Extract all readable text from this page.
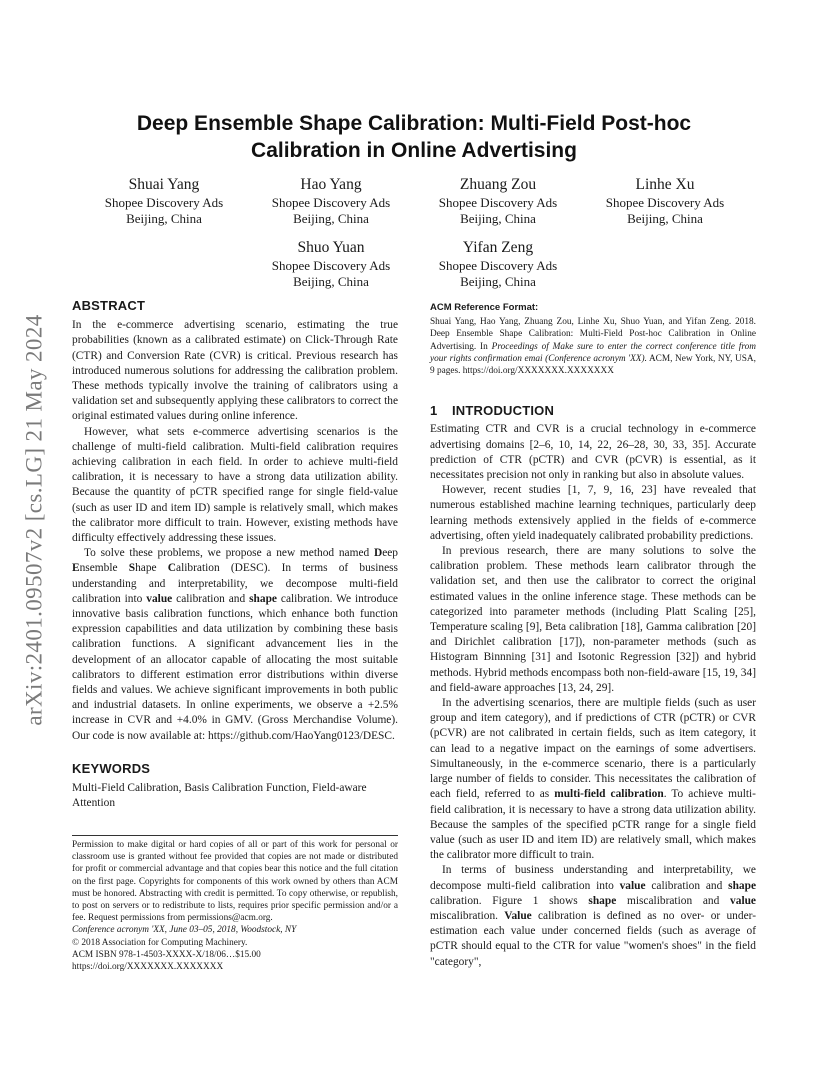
arXiv:2401.09507v2 [cs.LG] 21 May 2024
Deep Ensemble Shape Calibration: Multi-Field Post-hoc
Calibration in Online Advertising
Shuai Yang
Shopee Discovery Ads
Beijing, China
Hao Yang
Shopee Discovery Ads
Beijing, China
Zhuang Zou
Shopee Discovery Ads
Beijing, China
Linhe Xu
Shopee Discovery Ads
Beijing, China
Shuo Yuan
Shopee Discovery Ads
Beijing, China
Yifan Zeng
Shopee Discovery Ads
Beijing, China
ABSTRACT

In the e-commerce advertising scenario, estimating the true probabilities (known as a calibrated estimate) on Click-Through Rate (CTR) and Conversion Rate (CVR) is critical. Previous research has introduced numerous solutions for addressing the calibration problem. These methods typically involve the training of calibrators using a validation set and subsequently applying these calibrators to correct the original estimated values during online inference.

However, what sets e-commerce advertising scenarios is the challenge of multi-field calibration. Multi-field calibration requires achieving calibration in each field. In order to achieve multi-field calibration, it is necessary to have a strong data utilization ability. Because the quantity of pCTR specified range for single field-value (such as user ID and item ID) sample is relatively small, which makes the calibrator more difficult to train. However, existing methods have difficulty effectively addressing these issues.

To solve these problems, we propose a new method named Deep Ensemble Shape Calibration (DESC). In terms of business understanding and interpretability, we decompose multi-field calibration into value calibration and shape calibration. We introduce innovative basis calibration functions, which enhance both function expression capabilities and data utilization by combining these basis calibration functions. A significant advancement lies in the development of an allocator capable of allocating the most suitable calibrators to different estimation error distributions within diverse fields and values. We achieve significant improvements in both public and industrial datasets. In online experiments, we observe a +2.5% increase in CVR and +4.0% in GMV. (Gross Merchandise Volume). Our code is now available at: https://github.com/HaoYang0123/DESC.

KEYWORDS

Multi-Field Calibration, Basis Calibration Function, Field-aware Attention

Permission to make digital or hard copies of all or part of this work for personal or classroom use is granted without fee provided that copies are not made or distributed for profit or commercial advantage and that copies bear this notice and the full citation on the first page. Copyrights for components of this work owned by others than ACM must be honored. Abstracting with credit is permitted. To copy otherwise, or republish, to post on servers or to redistribute to lists, requires prior specific permission and/or a fee. Request permissions from permissions@acm.org.

Conference acronym 'XX, June 03–05, 2018, Woodstock, NY

© 2018 Association for Computing Machinery.

ACM ISBN 978-1-4503-XXXX-X/18/06…$15.00

https://doi.org/XXXXXXX.XXXXXXX

ACM Reference Format:

Shuai Yang, Hao Yang, Zhuang Zou, Linhe Xu, Shuo Yuan, and Yifan Zeng. 2018. Deep Ensemble Shape Calibration: Multi-Field Post-hoc Calibration in Online Advertising. In Proceedings of Make sure to enter the correct conference title from your rights confirmation emai (Conference acronym 'XX). ACM, New York, NY, USA, 9 pages. https://doi.org/XXXXXXX.XXXXXXX

1 INTRODUCTION

Estimating CTR and CVR is a crucial technology in e-commerce advertising domains [2–6, 10, 14, 22, 26–28, 30, 33, 35]. Accurate prediction of CTR (pCTR) and CVR (pCVR) is essential, as it necessitates precision not only in ranking but also in absolute values.

However, recent studies [1, 7, 9, 16, 23] have revealed that numerous established machine learning techniques, particularly deep learning methods extensively applied in the fields of e-commerce advertising, often yield inadequately calibrated probability predictions.

In previous research, there are many solutions to solve the calibration problem. These methods learn calibrator through the validation set, and then use the calibrator to correct the original estimated values in the online inference stage. These methods can be categorized into parameter methods (including Platt Scaling [25], Temperature scaling [9], Beta calibration [18], Gamma calibration [20] and Dirichlet calibration [17]), non-parameter methods (such as Histogram Binnning [31] and Isotonic Regression [32]) and hybrid methods. Hybrid methods encompass both non-field-aware [15, 19, 34] and field-aware approaches [13, 24, 29].

In the advertising scenarios, there are multiple fields (such as user group and item category), and if predictions of CTR (pCTR) or CVR (pCVR) are not calibrated in certain fields, such as item category, it can lead to a negative impact on the earnings of some advertisers. Simultaneously, in the e-commerce scenario, there is a particularly large number of fields to consider. This necessitates the calibration of each field, referred to as multi-field calibration. To achieve multi-field calibration, it is necessary to have a strong data utilization ability. Because the samples of the specified pCTR range for a single field value (such as user ID and item ID) are relatively small, which makes the calibrator more difficult to train.

In terms of business understanding and interpretability, we decompose multi-field calibration into value calibration and shape calibration. Figure 1 shows shape miscalibration and value miscalibration. Value calibration is defined as no over- or under-estimation each value under concerned fields (such as average of pCTR should equal to the CTR for value "women's shoes" in the field "category",
